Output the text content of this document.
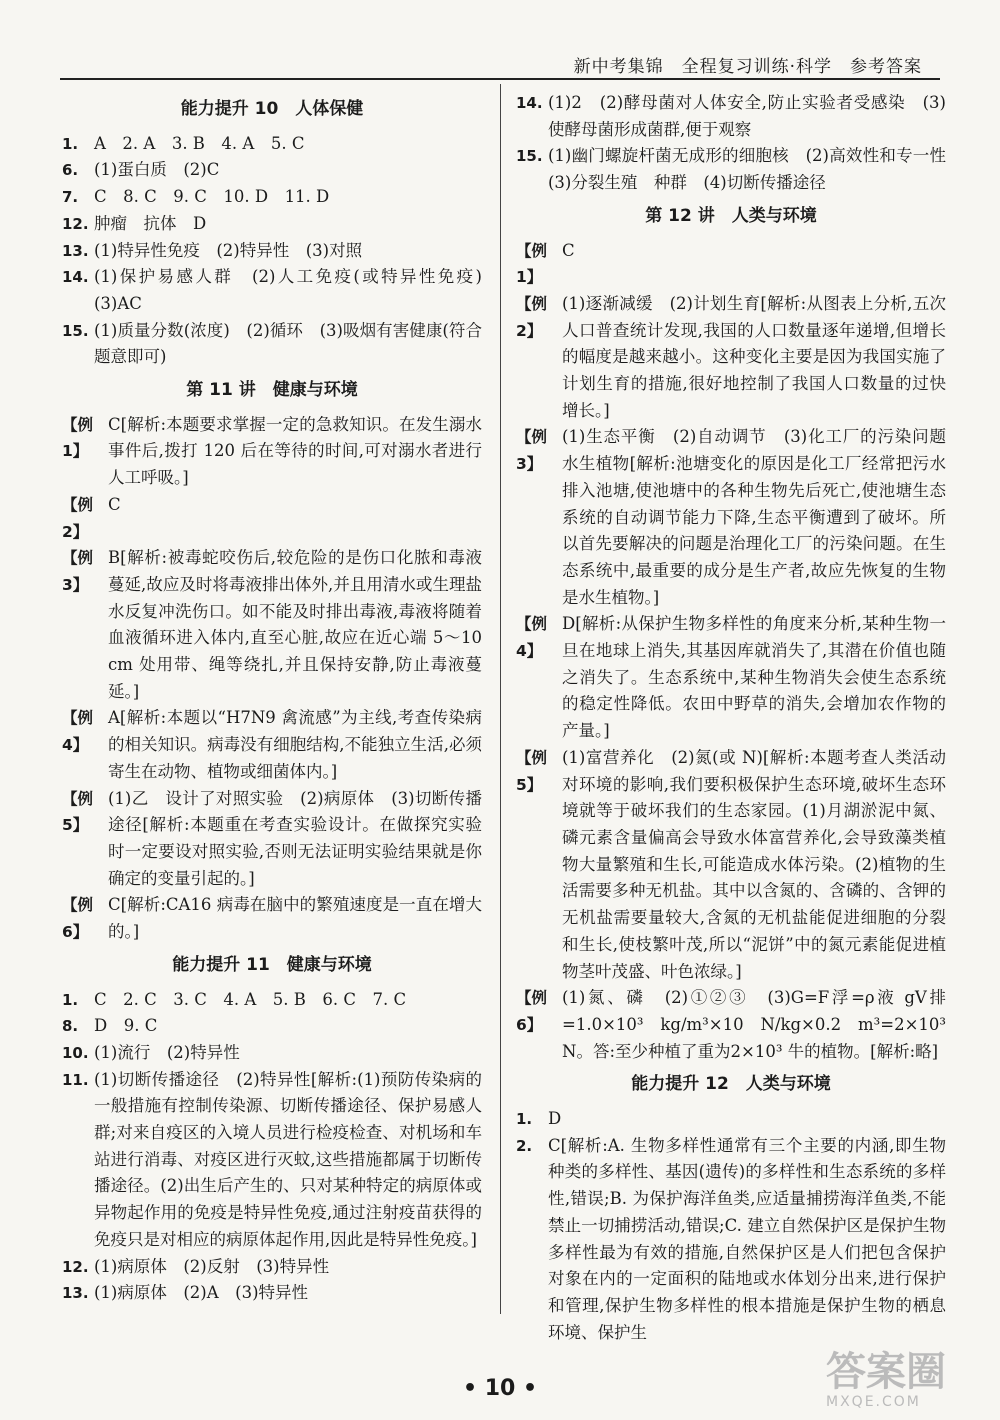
新中考集锦　全程复习训练·科学　参考答案
能力提升 10　人体保健
1. A　2. A　3. B　4. A　5. C
6. (1)蛋白质　(2)C
7. C　8. C　9. C　10. D　11. D
12. 肿瘤　抗体　D
13. (1)特异性免疫　(2)特异性　(3)对照
14. (1)保护易感人群　(2)人工免疫(或特异性免疫)　(3)AC
15. (1)质量分数(浓度)　(2)循环　(3)吸烟有害健康(符合题意即可)
第 11 讲　健康与环境
【例 1】
C[解析:本题要求掌握一定的急救知识。在发生溺水事件后,拨打 120 后在等待的时间,可对溺水者进行人工呼吸。]
【例 2】
C
【例 3】
B[解析:被毒蛇咬伤后,较危险的是伤口化脓和毒液蔓延,故应及时将毒液排出体外,并且用清水或生理盐水反复冲洗伤口。如不能及时排出毒液,毒液将随着血液循环进入体内,直至心脏,故应在近心端 5～10 cm 处用带、绳等绕扎,并且保持安静,防止毒液蔓延。]
【例 4】
A[解析:本题以“H7N9 禽流感”为主线,考查传染病的相关知识。病毒没有细胞结构,不能独立生活,必须寄生在动物、植物或细菌体内。]
【例 5】
(1)乙　设计了对照实验　(2)病原体　(3)切断传播途径[解析:本题重在考查实验设计。在做探究实验时一定要设对照实验,否则无法证明实验结果就是你确定的变量引起的。]
【例 6】
C[解析:CA16 病毒在脑中的繁殖速度是一直在增大的。]
能力提升 11　健康与环境
1. C　2. C　3. C　4. A　5. B　6. C　7. C
8. D　9. C
10. (1)流行　(2)特异性
11. (1)切断传播途径　(2)特异性[解析:(1)预防传染病的一般措施有控制传染源、切断传播途径、保护易感人群;对来自疫区的入境人员进行检疫检查、对机场和车站进行消毒、对疫区进行灭蚊,这些措施都属于切断传播途径。(2)出生后产生的、只对某种特定的病原体或异物起作用的免疫是特异性免疫,通过注射疫苗获得的免疫只是对相应的病原体起作用,因此是特异性免疫。]
12. (1)病原体　(2)反射　(3)特异性
13. (1)病原体　(2)A　(3)特异性
14. (1)2　(2)酵母菌对人体安全,防止实验者受感染　(3)使酵母菌形成菌群,便于观察
15. (1)幽门螺旋杆菌无成形的细胞核　(2)高效性和专一性　(3)分裂生殖　种群　(4)切断传播途径
第 12 讲　人类与环境
【例 1】
C
【例 2】
(1)逐渐减缓　(2)计划生育[解析:从图表上分析,五次人口普查统计发现,我国的人口数量逐年递增,但增长的幅度是越来越小。这种变化主要是因为我国实施了计划生育的措施,很好地控制了我国人口数量的过快增长。]
【例 3】
(1)生态平衡　(2)自动调节　(3)化工厂的污染问题　水生植物[解析:池塘变化的原因是化工厂经常把污水排入池塘,使池塘中的各种生物先后死亡,使池塘生态系统的自动调节能力下降,生态平衡遭到了破坏。所以首先要解决的问题是治理化工厂的污染问题。在生态系统中,最重要的成分是生产者,故应先恢复的生物是水生植物。]
【例 4】
D[解析:从保护生物多样性的角度来分析,某种生物一旦在地球上消失,其基因库就消失了,其潜在价值也随之消失了。生态系统中,某种生物消失会使生态系统的稳定性降低。农田中野草的消失,会增加农作物的产量。]
【例 5】
(1)富营养化　(2)氮(或 N)[解析:本题考查人类活动对环境的影响,我们要积极保护生态环境,破坏生态环境就等于破坏我们的生态家园。(1)月湖淤泥中氮、磷元素含量偏高会导致水体富营养化,会导致藻类植物大量繁殖和生长,可能造成水体污染。(2)植物的生活需要多种无机盐。其中以含氮的、含磷的、含钾的无机盐需要量较大,含氮的无机盐能促进细胞的分裂和生长,使枝繁叶茂,所以“泥饼”中的氮元素能促进植物茎叶茂盛、叶色浓绿。]
【例 6】
(1)氮、磷　(2)①②③　(3)G=F浮=ρ液 gV排 =1.0×10³ kg/m³×10 N/kg×0.2 m³=2×10³ N。答:至少种植了重为2×10³ 牛的植物。[解析:略]
能力提升 12　人类与环境
1. D
2. C[解析:A. 生物多样性通常有三个主要的内涵,即生物种类的多样性、基因(遗传)的多样性和生态系统的多样性,错误;B. 为保护海洋鱼类,应适量捕捞海洋鱼类,不能禁止一切捕捞活动,错误;C. 建立自然保护区是保护生物多样性最为有效的措施,自然保护区是人们把包含保护对象在内的一定面积的陆地或水体划分出来,进行保护和管理,保护生物多样性的根本措施是保护生物的栖息环境、保护生
• 10 •	答案圈
MXQE.COM
